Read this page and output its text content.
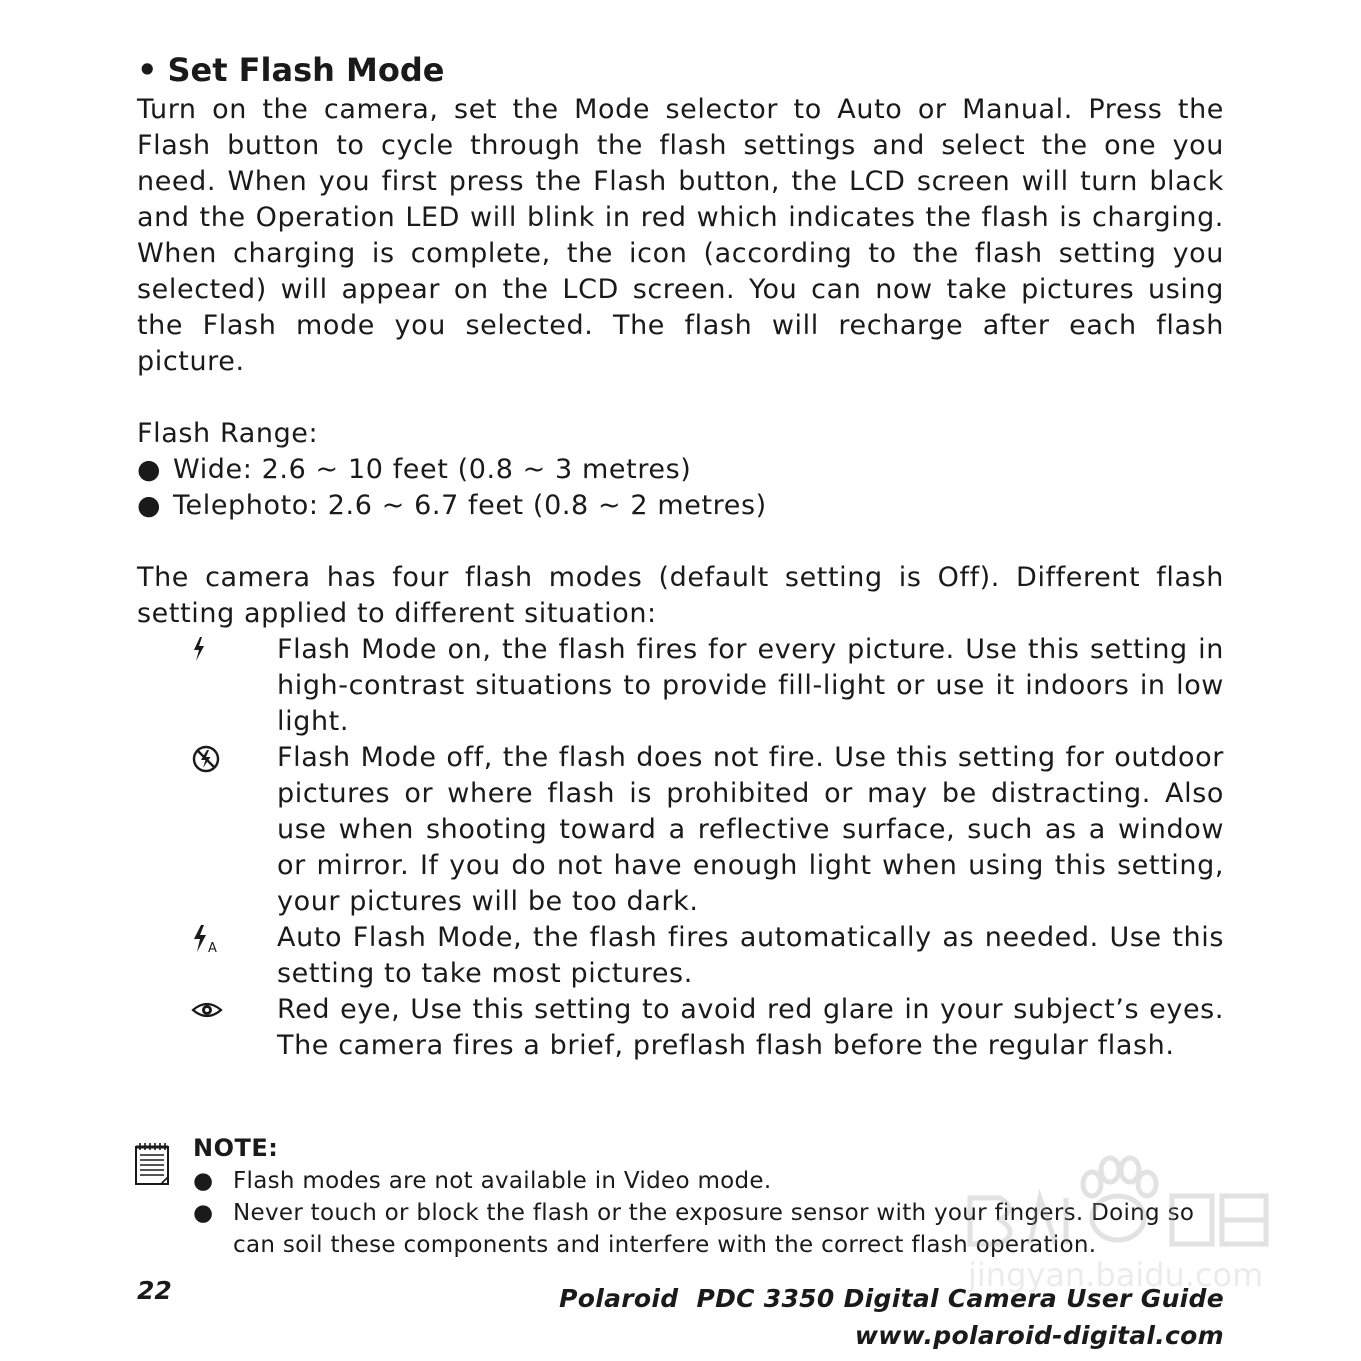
• Set Flash Mode

Turn on the camera, set the Mode selector to Auto or Manual. Press the Flash button to cycle through the flash settings and select the one you need. When you first press the Flash button, the LCD screen will turn black and the Operation LED will blink in red which indicates the flash is charging. When charging is complete, the icon (according to the flash setting you selected) will appear on the LCD screen. You can now take pictures using the Flash mode you selected. The flash will recharge after each flash picture.

Flash Range:

● Wide: 2.6 ~ 10 feet (0.8 ~ 3 metres)
● Telephoto: 2.6 ~ 6.7 feet (0.8 ~ 2 metres)

The camera has four flash modes (default setting is Off). Different flash setting applied to different situation:

Flash Mode on, the flash fires for every picture. Use this setting in high-contrast situations to provide fill-light or use it indoors in low light.
Flash Mode off, the flash does not fire. Use this setting for outdoor pictures or where flash is prohibited or may be distracting. Also use when shooting toward a reflective surface, such as a window or mirror. If you do not have enough light when using this setting, your pictures will be too dark.
A Auto Flash Mode, the flash fires automatically as needed. Use this setting to take most pictures.
Red eye, Use this setting to avoid red glare in your subject’s eyes. The camera fires a brief, preflash flash before the regular flash.
NOTE:
● Flash modes are not available in Video mode.
● Never touch or block the flash or the exposure sensor with your fingers. Doing so can soil these components and interfere with the correct flash operation.
22	Polaroid  PDC 3350 Digital Camera User Guide
www.polaroid-digital.com
jingyan.baidu.com
